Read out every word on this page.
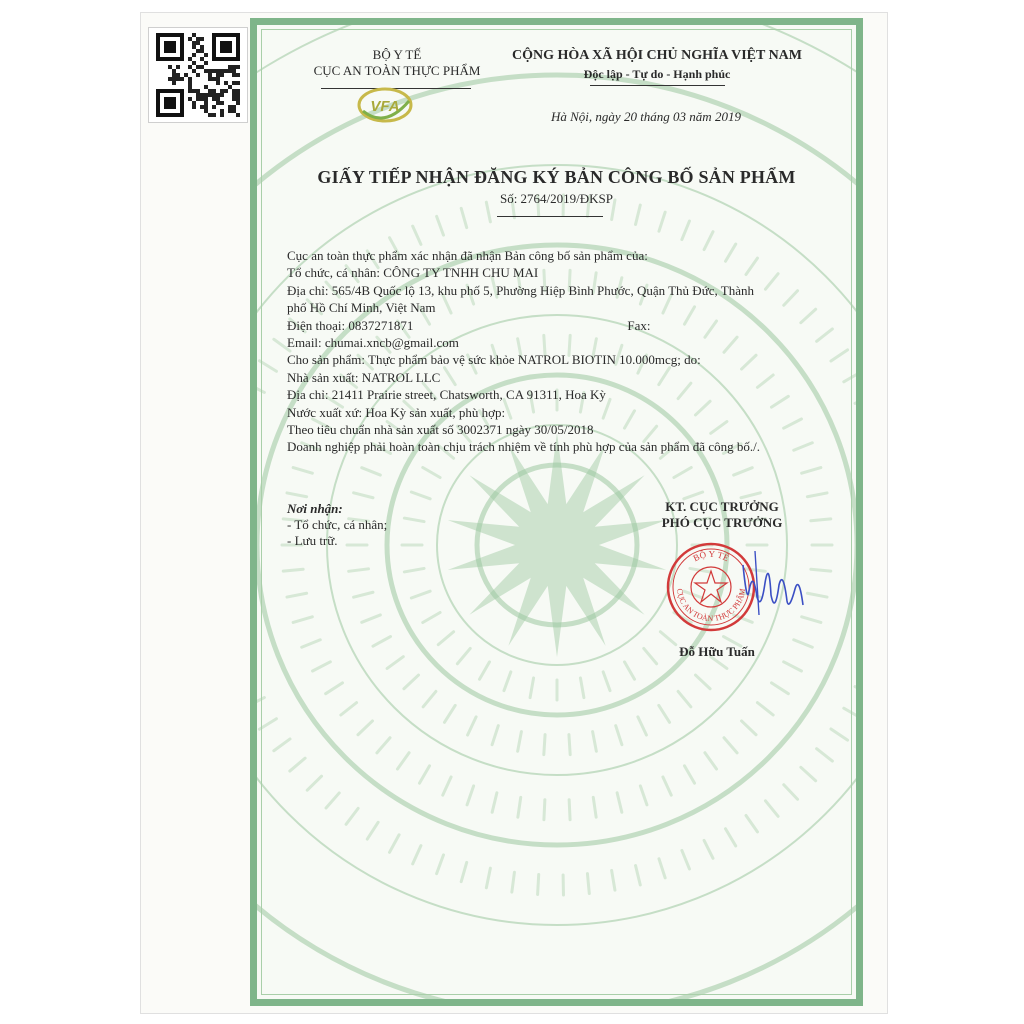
BỘ Y TẾ
CỤC AN TOÀN THỰC PHẨM
VFA
CỘNG HÒA XÃ HỘI CHỦ NGHĨA VIỆT NAM
Độc lập - Tự do - Hạnh phúc
Hà Nội, ngày 20 tháng 03 năm 2019
GIẤY TIẾP NHẬN ĐĂNG KÝ BẢN CÔNG BỐ SẢN PHẨM
Số: 2764/2019/ĐKSP
Cục an toàn thực phẩm xác nhận đã nhận Bản công bố sản phẩm của:
Tổ chức, cá nhân: CÔNG TY TNHH CHU MAI
Địa chỉ: 565/4B Quốc lộ 13, khu phố 5, Phường Hiệp Bình Phước, Quận Thủ Đức, Thành
phố Hồ Chí Minh, Việt Nam
Điện thoại: 0837271871	Fax:
Email: chumai.xncb@gmail.com
Cho sản phẩm: Thực phẩm bảo vệ sức khỏe NATROL BIOTIN 10.000mcg; do:
Nhà sản xuất: NATROL LLC
Địa chỉ: 21411 Prairie street, Chatsworth, CA 91311, Hoa Kỳ
Nước xuất xứ: Hoa Kỳ sản xuất, phù hợp:
Theo tiêu chuẩn nhà sản xuất số 3002371 ngày 30/05/2018
Doanh nghiệp phải hoàn toàn chịu trách nhiệm về tính phù hợp của sản phẩm đã công bố./.
Nơi nhận:
- Tổ chức, cá nhân;
- Lưu trữ.
KT. CỤC TRƯỞNG
PHÓ CỤC TRƯỞNG
BỘ Y TẾ
CỤC AN TOÀN THỰC PHẨM
Đỗ Hữu Tuấn
